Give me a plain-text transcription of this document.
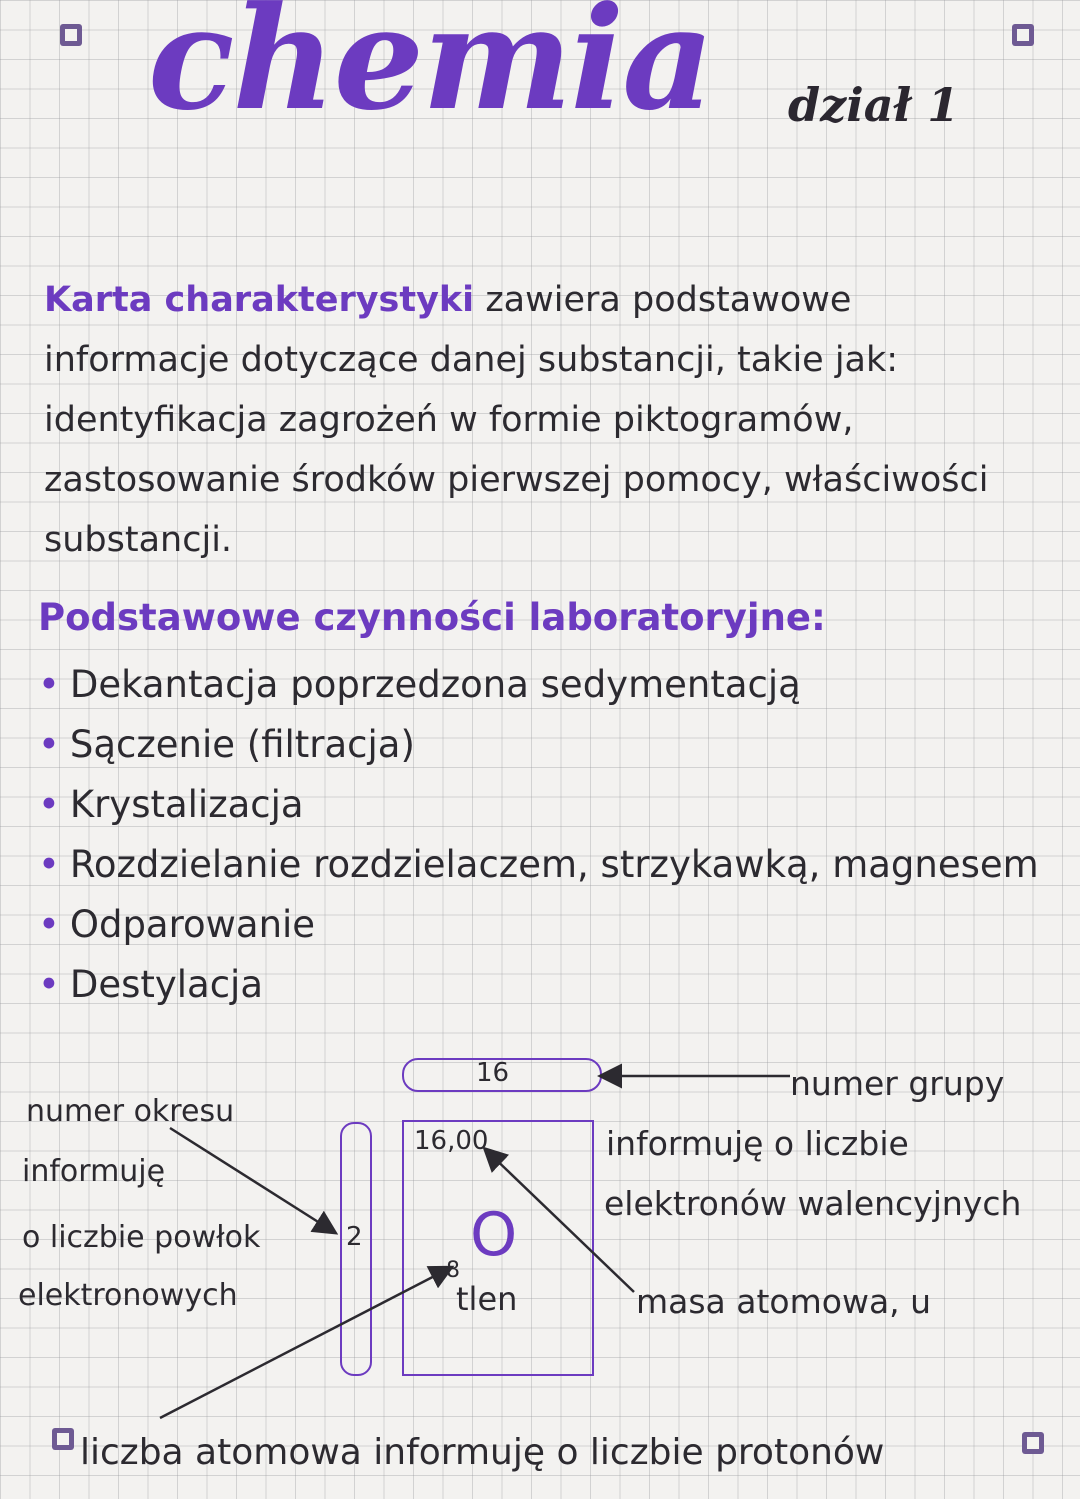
chemia dział 1
Karta charakterystyki zawiera podstawowe
informacje dotyczące danej substancji, takie jak:
identyfikacja zagrożeń w formie piktogramów,
zastosowanie środków pierwszej pomocy, właściwości
substancji.
Podstawowe czynności laboratoryjne:
• Dekantacja poprzedzona sedymentacją
• Sączenie (filtracja)
• Krystalizacja
• Rozdzielanie rozdzielaczem, strzykawką, magnesem
• Odparowanie
• Destylacja
16
2
16,00
O
8
tlen
numer grupy
informuję o liczbie
elektronów walencyjnych
numer okresu
informuję
o liczbie powłok
elektronowych	masa atomowa, u
liczba atomowa informuję o liczbie protonów
